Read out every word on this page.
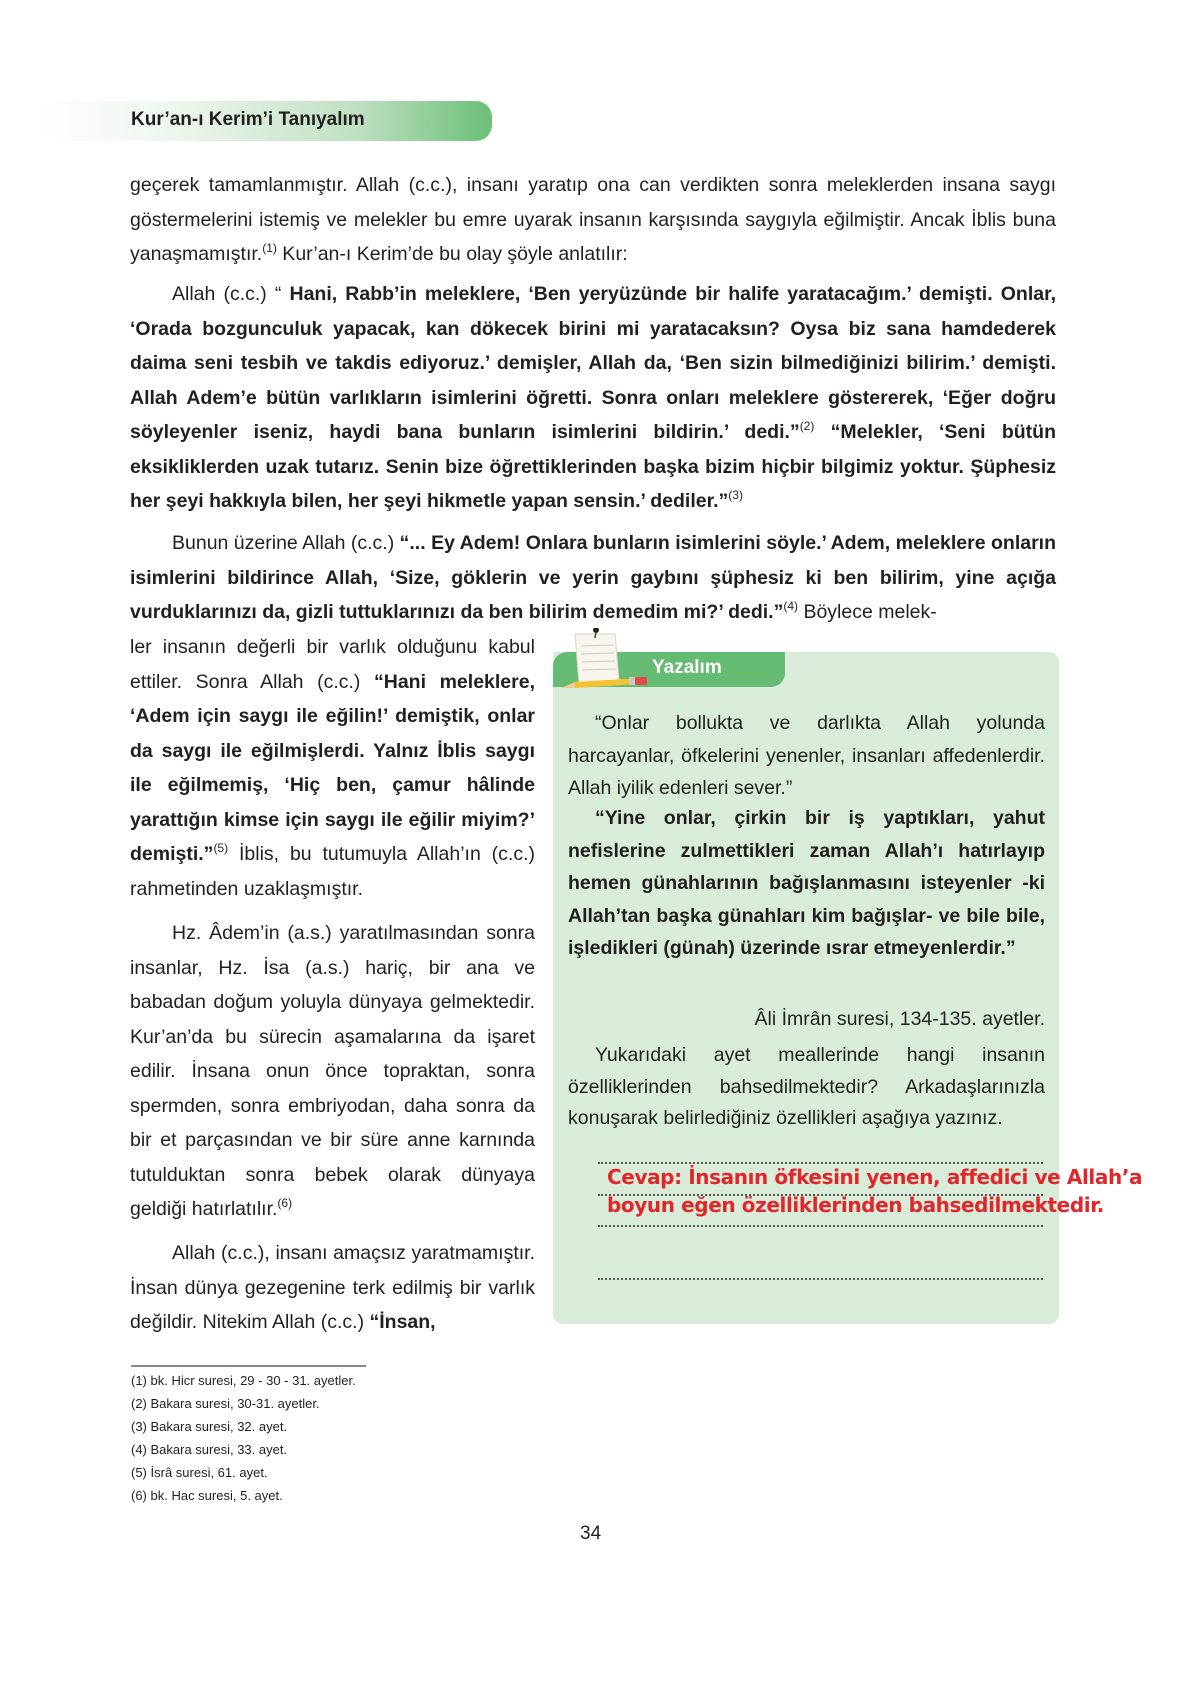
Kur’an-ı Kerim’i Tanıyalım
geçerek tamamlanmıştır. Allah (c.c.), insanı yaratıp ona can verdikten sonra meleklerden insana saygı göstermelerini istemiş ve melekler bu emre uyarak insanın karşısında saygıyla eğilmiştir. Ancak İblis buna yanaşmamıştır.$^{(1)}$ Kur’an-ı Kerim’de bu olay şöyle anlatılır:
Allah (c.c.) “ Hani, Rabb’in meleklere, ‘Ben yeryüzünde bir halife yaratacağım.’ demişti. Onlar, ‘Orada bozgunculuk yapacak, kan dökecek birini mi yaratacaksın? Oysa biz sana hamdederek daima seni tesbih ve takdis ediyoruz.’ demişler, Allah da, ‘Ben sizin bilmediğinizi bilirim.’ demişti. Allah Adem’e bütün varlıkların isimlerini öğretti. Sonra onları meleklere göstererek, ‘Eğer doğru söyleyenler iseniz, haydi bana bunların isimlerini bildirin.’ dedi.”$^{(2)}$ “Melekler, ‘Seni bütün eksikliklerden uzak tutarız. Senin bize öğrettiklerinden başka bizim hiçbir bilgimiz yoktur. Şüphesiz her şeyi hakkıyla bilen, her şeyi hikmetle yapan sensin.’ dediler.”$^{(3)}$
Bunun üzerine Allah (c.c.) “... Ey Adem! Onlara bunların isimlerini söyle.’ Adem, meleklere onların isimlerini bildirince Allah, ‘Size, göklerin ve yerin gaybını şüphesiz ki ben bilirim, yine açığa vurduklarınızı da, gizli tuttuklarınızı da ben bilirim demedim mi?’ dedi.”$^{(4)}$ Böylece melek-
ler insanın değerli bir varlık olduğunu kabul ettiler. Sonra Allah (c.c.) “Hani meleklere, ‘Adem için saygı ile eğilin!’ demiştik, onlar da saygı ile eğilmişlerdi. Yalnız İblis saygı ile eğilmemiş, ‘Hiç ben, çamur hâlinde yarattığın kimse için saygı ile eğilir miyim?’ demişti.”$^{(5)}$ İblis, bu tutumuyla Allah’ın (c.c.) rahmetinden uzaklaşmıştır.
Hz. Âdem’in (a.s.) yaratılmasından sonra insanlar, Hz. İsa (a.s.) hariç, bir ana ve babadan doğum yoluyla dünyaya gelmektedir. Kur’an’da bu sürecin aşamalarına da işaret edilir. İnsana onun önce topraktan, sonra spermden, sonra embriyodan, daha sonra da bir et parçasından ve bir süre anne karnında tutulduktan sonra bebek olarak dünyaya geldiği hatırlatılır.$^{(6)}$
Allah (c.c.), insanı amaçsız yaratmamıştır. İnsan dünya gezegenine terk edilmiş bir varlık değildir. Nitekim Allah (c.c.) “İnsan,
Yazalım
“Onlar bollukta ve darlıkta Allah yolunda harcayanlar, öfkelerini yenenler, insanları affedenlerdir. Allah iyilik edenleri sever.”
“Yine onlar, çirkin bir iş yaptıkları, yahut nefislerine zulmettikleri zaman Allah’ı hatırlayıp hemen günahlarının bağışlanmasını isteyenler -ki Allah’tan başka günahları kim bağışlar- ve bile bile, işledikleri (günah) üzerinde ısrar etmeyenlerdir.”
Âli İmrân suresi, 134-135. ayetler.
Yukarıdaki ayet meallerinde hangi insanın özelliklerinden bahsedilmektedir? Arkadaşlarınızla konuşarak belirlediğiniz özellikleri aşağıya yazınız.
Cevap: İnsanın öfkesini yenen, affedici ve Allah’a
boyun eğen özelliklerinden bahsedilmektedir.
(1) bk. Hicr suresi, 29 - 30 - 31. ayetler.
(2) Bakara suresi, 30-31. ayetler.
(3) Bakara suresi, 32. ayet.
(4) Bakara suresi, 33. ayet.
(5) İsrâ suresi, 61. ayet.
(6) bk. Hac suresi, 5. ayet.
34
